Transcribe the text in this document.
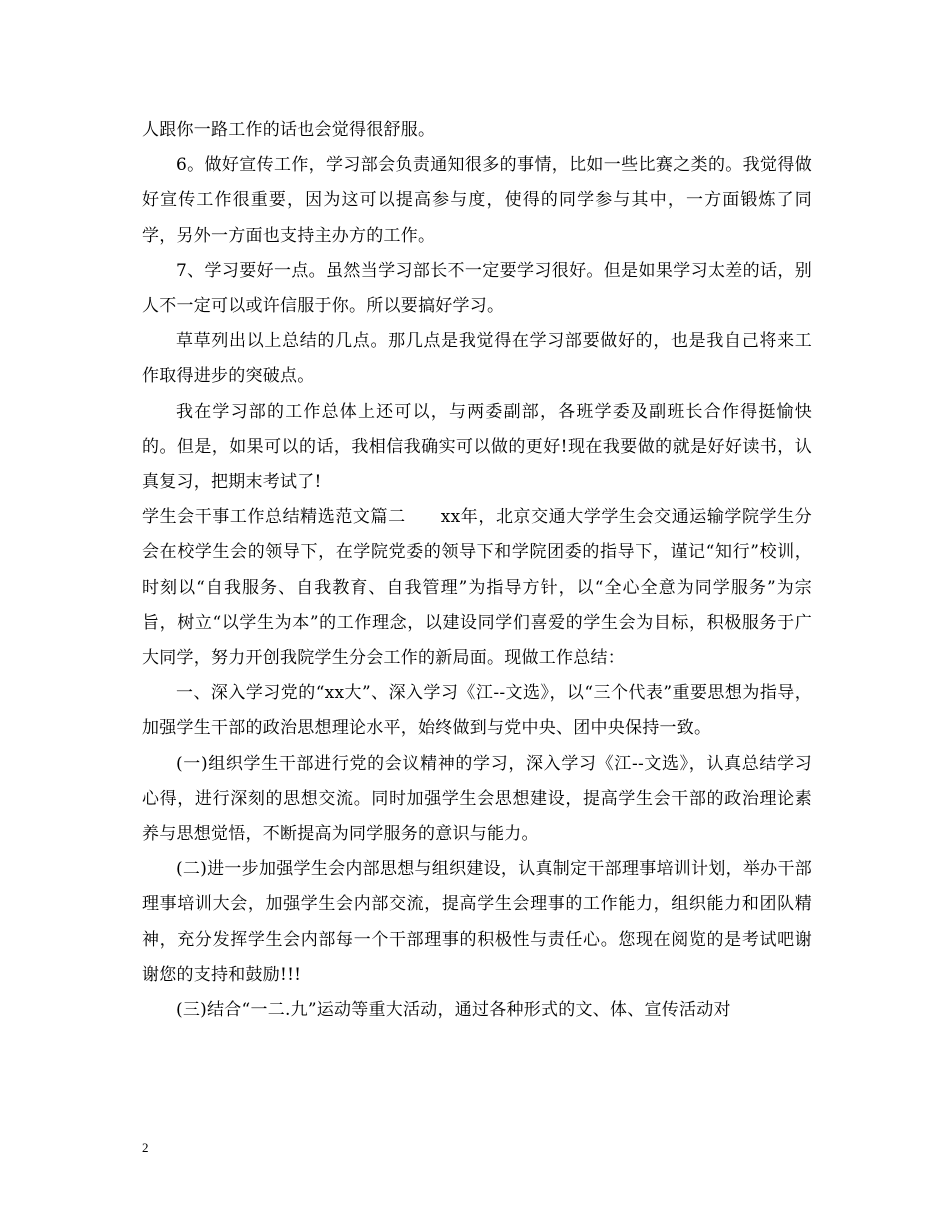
人跟你一路工作的话也会觉得很舒服。

6。做好宣传工作，学习部会负责通知很多的事情，比如一些比赛之类的。我觉得做好宣传工作很重要，因为这可以提高参与度，使得的同学参与其中，一方面锻炼了同学，另外一方面也支持主办方的工作。

7、学习要好一点。虽然当学习部长不一定要学习很好。但是如果学习太差的话，别人不一定可以或许信服于你。所以要搞好学习。

草草列出以上总结的几点。那几点是我觉得在学习部要做好的，也是我自己将来工作取得进步的突破点。

我在学习部的工作总体上还可以，与两委副部，各班学委及副班长合作得挺愉快的。但是，如果可以的话，我相信我确实可以做的更好!现在我要做的就是好好读书，认真复习，把期末考试了!

学生会干事工作总结精选范文篇二　　xx年，北京交通大学学生会交通运输学院学生分会在校学生会的领导下，在学院党委的领导下和学院团委的指导下，谨记“知行”校训，时刻以“自我服务、自我教育、自我管理”为指导方针，以“全心全意为同学服务”为宗旨，树立“以学生为本”的工作理念，以建设同学们喜爱的学生会为目标，积极服务于广大同学，努力开创我院学生分会工作的新局面。现做工作总结：

一、深入学习党的“xx大”、深入学习《江--文选》，以“三个代表”重要思想为指导，加强学生干部的政治思想理论水平，始终做到与党中央、团中央保持一致。

(一)组织学生干部进行党的会议精神的学习，深入学习《江--文选》，认真总结学习心得，进行深刻的思想交流。同时加强学生会思想建设，提高学生会干部的政治理论素养与思想觉悟，不断提高为同学服务的意识与能力。

(二)进一步加强学生会内部思想与组织建设，认真制定干部理事培训计划，举办干部理事培训大会，加强学生会内部交流，提高学生会理事的工作能力，组织能力和团队精神，充分发挥学生会内部每一个干部理事的积极性与责任心。您现在阅览的是考试吧谢谢您的支持和鼓励!!!

(三)结合“一二.九”运动等重大活动，通过各种形式的文、体、宣传活动对

2
